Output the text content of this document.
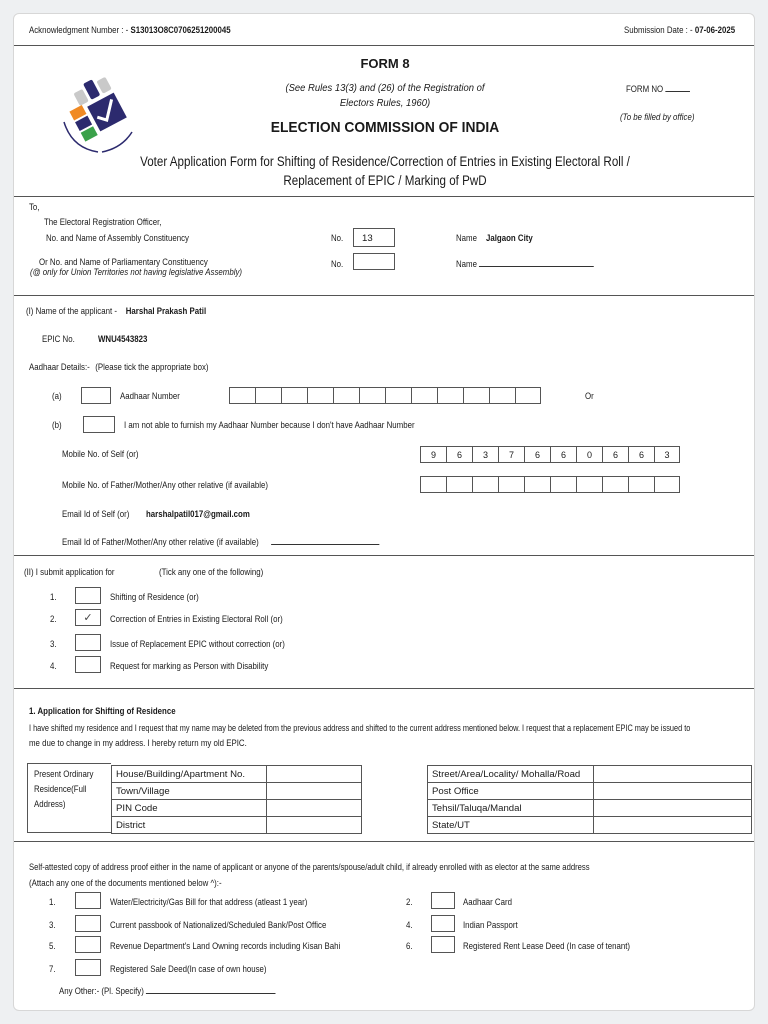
Acknowledgment Number : - S13013O8C0706251200045	Submission Date : - 07-06-2025
FORM 8
(See Rules 13(3) and (26) of the Registration of
Electors Rules, 1960)
ELECTION COMMISSION OF INDIA
FORM NO
(To be filled by office)
Voter Application Form for Shifting of Residence/Correction of Entries in Existing Electoral Roll /
Replacement of EPIC / Marking of PwD
To,
The Electoral Registration Officer,
No. and Name of Assembly Constituency	No.	13	Name Jalgaon City
Or No. and Name of Parliamentary Constituency
(@ only for Union Territories not having legislative Assembly)
No.	Name
(I) Name of the applicant - Harshal Prakash Patil
EPIC No. WNU4543823
Aadhaar Details:- (Please tick the appropriate box)
(a)	Aadhaar Number	Or
(b)	I am not able to furnish my Aadhaar Number because I don't have Aadhaar Number
Mobile No. of Self (or)	9	6	3	7	6	6	0	6	6	3
Mobile No. of Father/Mother/Any other relative (if available)
Email Id of Self (or) harshalpatil017@gmail.com
Email Id of Father/Mother/Any other relative (if available)
(II) I submit application for	(Tick any one of the following)
1.	Shifting of Residence (or)
2.	✓	Correction of Entries in Existing Electoral Roll (or)
3.	Issue of Replacement EPIC without correction (or)
4.	Request for marking as Person with Disability
1. Application for Shifting of Residence
I have shifted my residence and I request that my name may be deleted from the previous address and shifted to the current address mentioned below. I request that a replacement EPIC may be issued to
me due to change in my address. I hereby return my old EPIC.
Present Ordinary
Residence(Full
Address)
House/Building/Apartment No.	
Town/Village	
PIN Code	
District	
Street/Area/Locality/ Mohalla/Road	
Post Office	
Tehsil/Taluqa/Mandal	
State/UT	
Self-attested copy of address proof either in the name of applicant or anyone of the parents/spouse/adult child, if already enrolled with as elector at the same address
(Attach any one of the documents mentioned below ^):-
1.	Water/Electricity/Gas Bill for that address (atleast 1 year)
3.	Current passbook of Nationalized/Scheduled Bank/Post Office
5.	Revenue Department's Land Owning records including Kisan Bahi
7.	Registered Sale Deed(In case of own house)
2.	Aadhaar Card
4.	Indian Passport
6.	Registered Rent Lease Deed (In case of tenant)
Any Other:- (Pl. Specify)
